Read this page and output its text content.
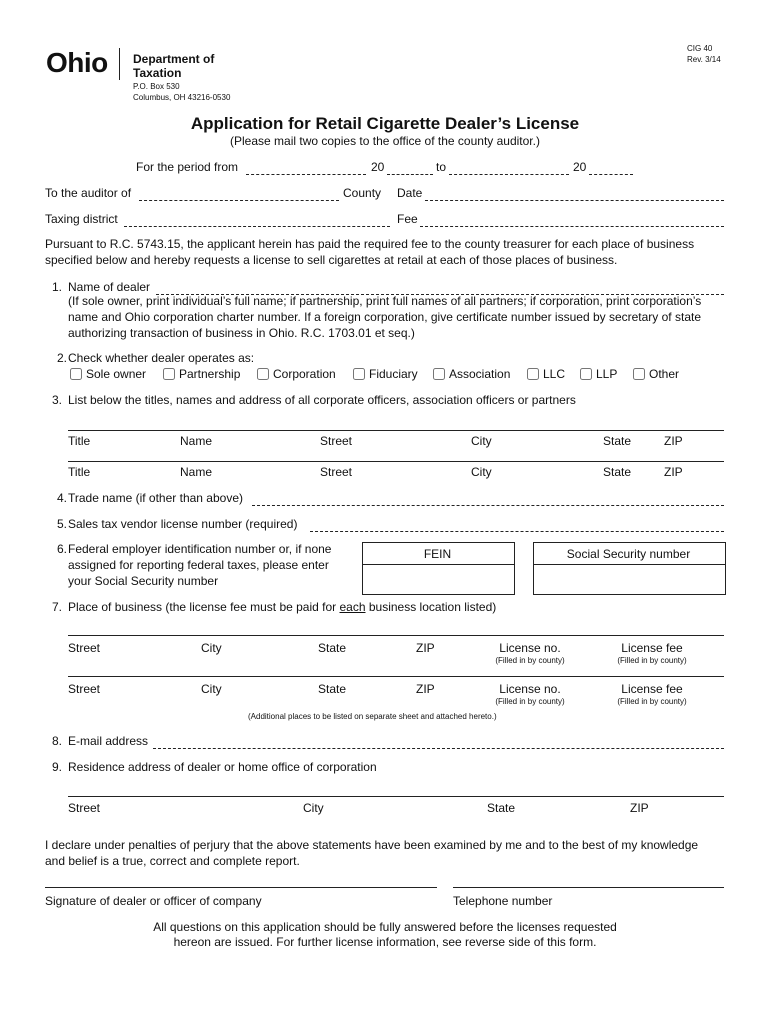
Ohio Department of
Taxation
P.O. Box 530
Columbus, OH 43216-0530
CIG 40
Rev. 3/14
Application for Retail Cigarette Dealer’s License
(Please mail two copies to the office of the county auditor.)
For the period from	20	to	20
To the auditor of	County Date
Taxing district	Fee
Pursuant to R.C. 5743.15, the applicant herein has paid the required fee to the county treasurer for each place of business
specified below and hereby requests a license to sell cigarettes at retail at each of those places of business.
1. Name of dealer
(If sole owner, print individual’s full name; if partnership, print full names of all partners; if corporation, print corporation’s
name and Ohio corporation charter number. If a foreign corporation, give certificate number issued by secretary of state
authorizing transaction of business in Ohio. R.C. 1703.01 et seq.)
2. Check whether dealer operates as:
Sole owner	Partnership	Corporation	Fiduciary	Association	LLC	LLP	Other
3. List below the titles, names and address of all corporate officers, association officers or partners
Title	Name	Street	City	State	ZIP
Title	Name	Street	City	State	ZIP
4. Trade name (if other than above)
5. Sales tax vendor license number (required)
6. Federal employer identification number or, if none
assigned for reporting federal taxes, please enter
your Social Security number
FEIN	Social Security number
7. Place of business (the license fee must be paid for each business location listed)
Street	City	State	ZIP	License no.	License fee
(Filled in by county)	(Filled in by county)
Street	City	State	ZIP	License no.	License fee
(Filled in by county)	(Filled in by county)
(Additional places to be listed on separate sheet and attached hereto.)
8. E-mail address
9. Residence address of dealer or home office of corporation
Street	City	State	ZIP
I declare under penalties of perjury that the above statements have been examined by me and to the best of my knowledge
and belief is a true, correct and complete report.
Signature of dealer or officer of company	Telephone number
All questions on this application should be fully answered before the licenses requested
hereon are issued. For further license information, see reverse side of this form.
